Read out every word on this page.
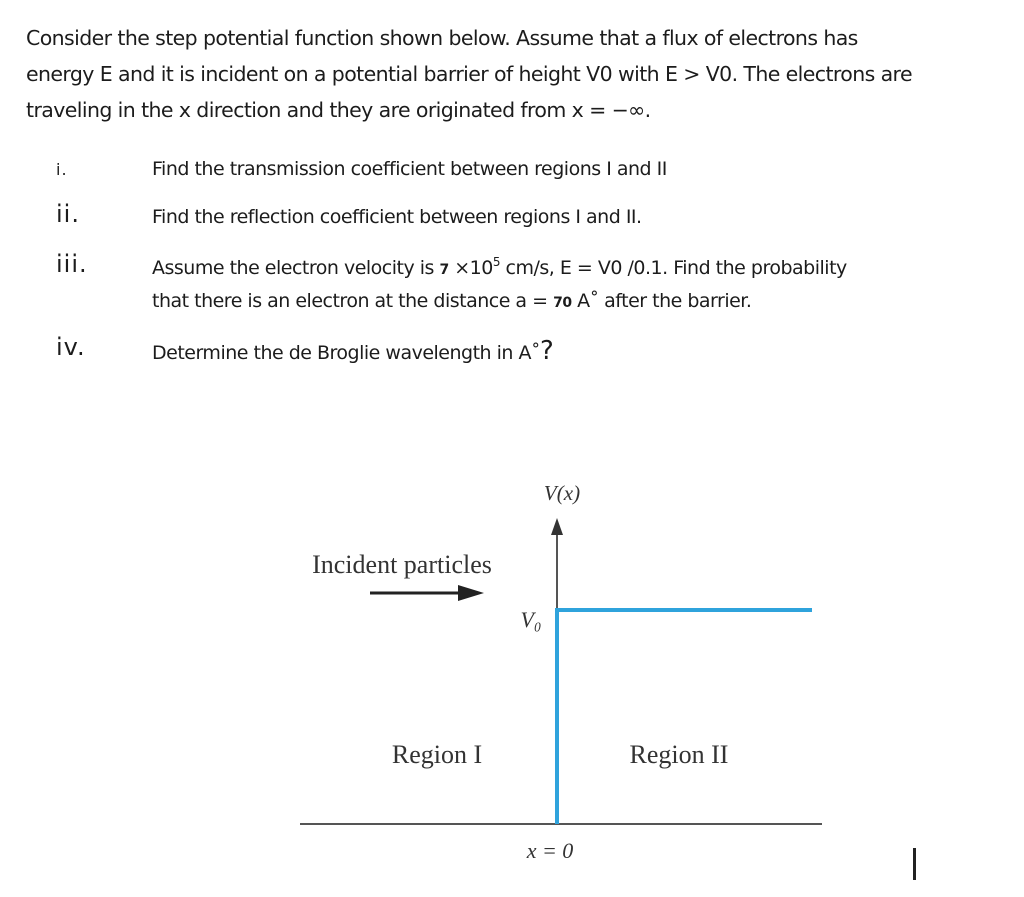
Consider the step potential function shown below. Assume that a flux of electrons has
energy E and it is incident on a potential barrier of height V0 with E > V0. The electrons are
traveling in the x direction and they are originated from x = −∞.
i.	Find the transmission coefficient between regions I and II
ii.	Find the reflection coefficient between regions I and II.
iii.	Assume the electron velocity is $7 \times 10^5$ cm/s, E = V0 /0.1. Find the probability
that there is an electron at the distance a = 70 A˚ after the barrier.
iv.	Determine the de Broglie wavelength in A˚?
V(x)
Incident particles
V₀
Region I	Region II
x = 0
